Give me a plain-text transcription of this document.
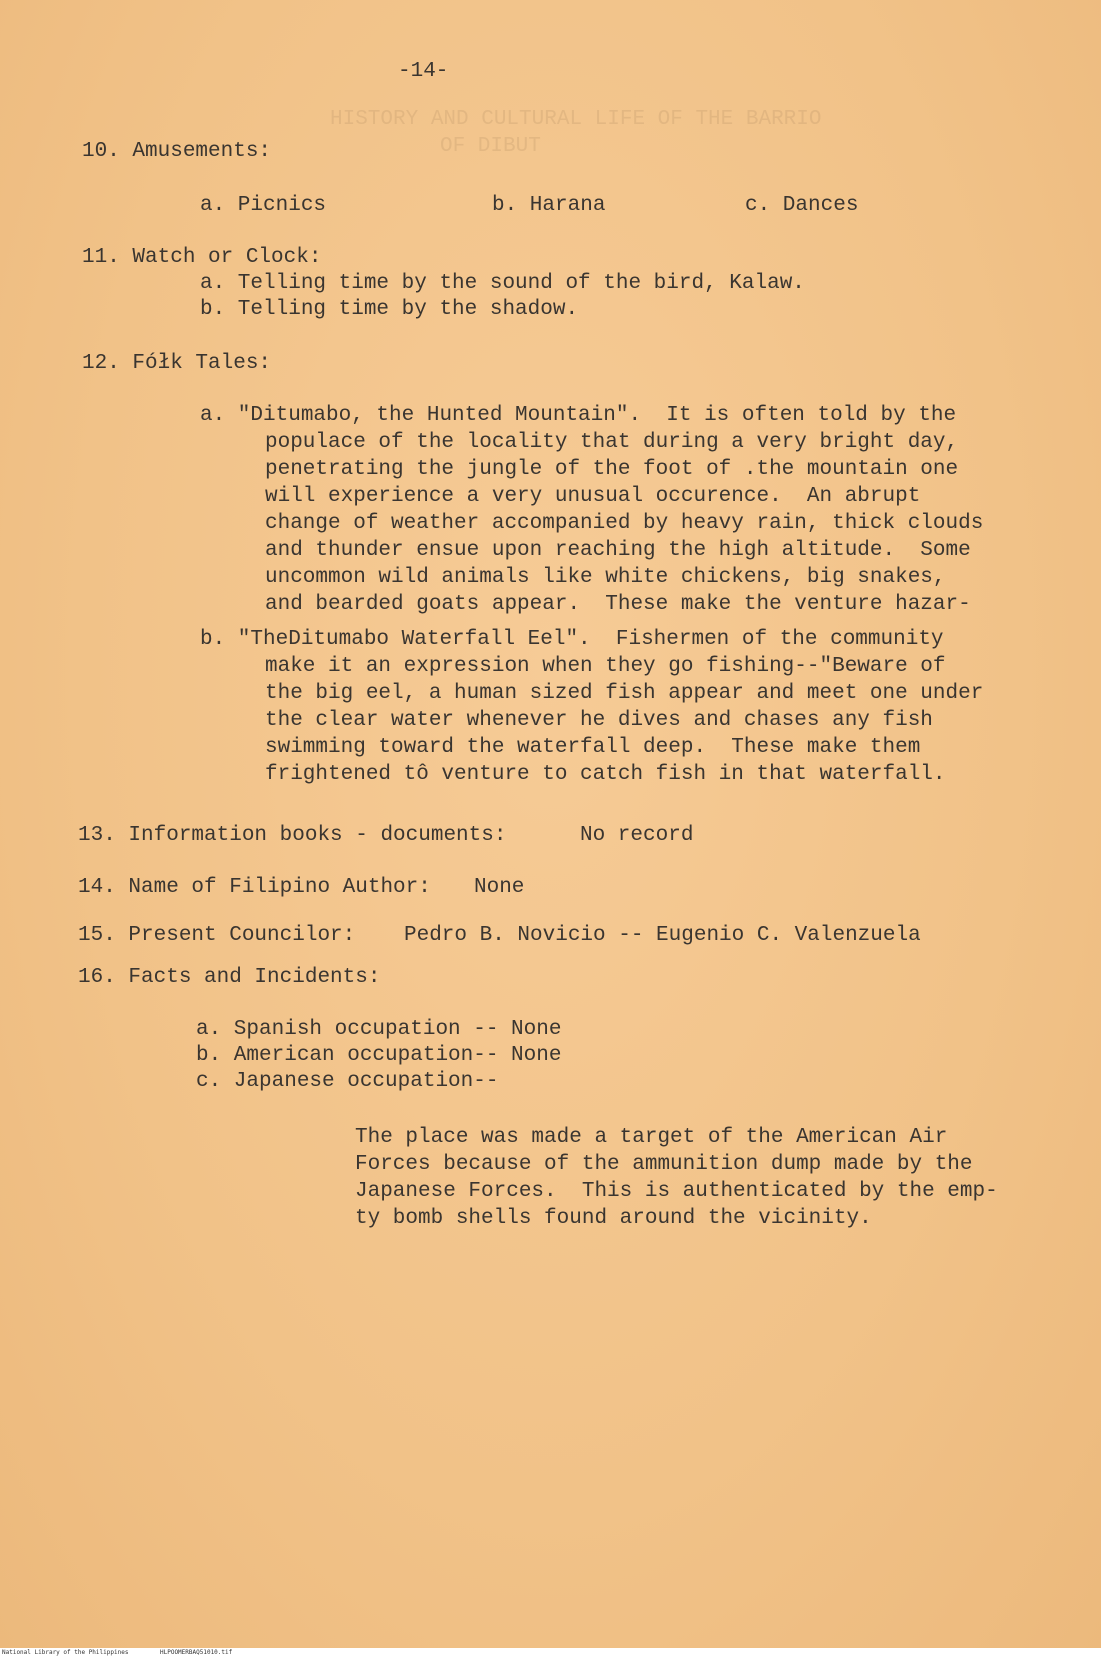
HISTORY AND CULTURAL LIFE OF THE BARRIO
OF DIBUT
-14-
10. Amusements:
a. Picnics	b. Harana	c. Dances
11. Watch or Clock:
a. Telling time by the sound of the bird, Kalaw.
b. Telling time by the shadow.
12. Fółk Tales:
a. "Ditumabo, the Hunted Mountain".  It is often told by the
populace of the locality that during a very bright day,
penetrating the jungle of the foot of .the mountain one
will experience a very unusual occurence.  An abrupt
change of weather accompanied by heavy rain, thick clouds
and thunder ensue upon reaching the high altitude.  Some
uncommon wild animals like white chickens, big snakes,
and bearded goats appear.  These make the venture hazar-
b. "TheDitumabo Waterfall Eel".  Fishermen of the community
make it an expression when they go fishing--"Beware of
the big eel, a human sized fish appear and meet one under
the clear water whenever he dives and chases any fish
swimming toward the waterfall deep.  These make them
frightened tô venture to catch fish in that waterfall.
13. Information books - documents:	No record
14. Name of Filipino Author: None
15. Present Councilor: Pedro B. Novicio -- Eugenio C. Valenzuela
16. Facts and Incidents:
a. Spanish occupation -- None
b. American occupation-- None
c. Japanese occupation--
The place was made a target of the American Air
Forces because of the ammunition dump made by the
Japanese Forces.  This is authenticated by the emp-
ty bomb shells found around the vicinity.
National Library of the Philippines	HLPOOMERBAQ51010.tif
